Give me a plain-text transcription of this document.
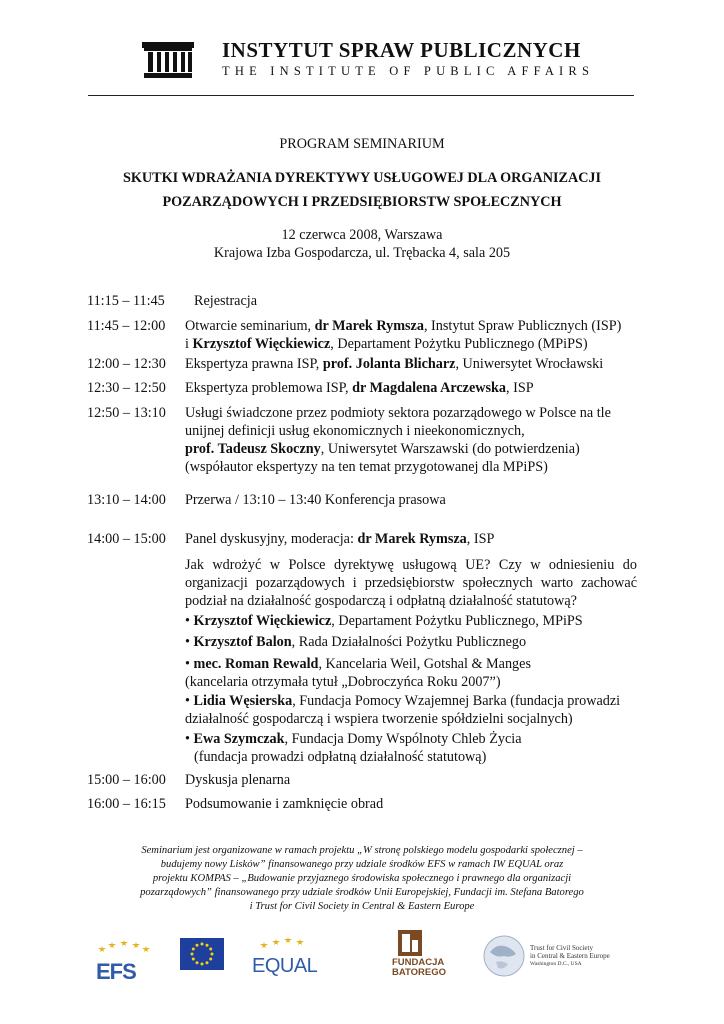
INSTYTUT SPRAW PUBLICZNYCH
THE INSTITUTE OF PUBLIC AFFAIRS
PROGRAM SEMINARIUM
SKUTKI WDRAŻANIA DYREKTYWY USŁUGOWEJ DLA ORGANIZACJI
POZARZĄDOWYCH I PRZEDSIĘBIORSTW SPOŁECZNYCH
12 czerwca 2008, Warszawa
Krajowa Izba Gospodarcza, ul. Trębacka 4, sala 205
11:15 – 11:45 Rejestracja
11:45 – 12:00 Otwarcie seminarium, dr Marek Rymsza, Instytut Spraw Publicznych (ISP)
i Krzysztof Więckiewicz, Departament Pożytku Publicznego (MPiPS)
12:00 – 12:30 Ekspertyza prawna ISP, prof. Jolanta Blicharz, Uniwersytet Wrocławski
12:30 – 12:50 Ekspertyza problemowa ISP, dr Magdalena Arczewska, ISP
12:50 – 13:10 Usługi świadczone przez podmioty sektora pozarządowego w Polsce na tle
unijnej definicji usług ekonomicznych i nieekonomicznych,
prof. Tadeusz Skoczny, Uniwersytet Warszawski (do potwierdzenia)
(współautor ekspertyzy na ten temat przygotowanej dla MPiPS)
13:10 – 14:00 Przerwa / 13:10 – 13:40 Konferencja prasowa
14:00 – 15:00 Panel dyskusyjny, moderacja: dr Marek Rymsza, ISP
Jak wdrożyć w Polsce dyrektywę usługową UE? Czy w odniesieniu do
organizacji pozarządowych i przedsiębiorstw społecznych warto zachować
podział na działalność gospodarczą i odpłatną działalność statutową?
• Krzysztof Więckiewicz, Departament Pożytku Publicznego, MPiPS
• Krzysztof Balon, Rada Działalności Pożytku Publicznego
• mec. Roman Rewald, Kancelaria Weil, Gotshal & Manges
(kancelaria otrzymała tytuł „Dobroczyńca Roku 2007”)
• Lidia Węsierska, Fundacja Pomocy Wzajemnej Barka (fundacja prowadzi
działalność gospodarczą i wspiera tworzenie spółdzielni socjalnych)
• Ewa Szymczak, Fundacja Domy Wspólnoty Chleb Życia
(fundacja prowadzi odpłatną działalność statutową)
15:00 – 16:00 Dyskusja plenarna
16:00 – 16:15 Podsumowanie i zamknięcie obrad
Seminarium jest organizowane w ramach projektu „W stronę polskiego modelu gospodarki społecznej –
budujemy nowy Lisków” finansowanego przy udziale środków EFS w ramach IW EQUAL oraz
projektu KOMPAS – „Budowanie przyjaznego środowiska społecznego i prawnego dla organizacji
pozarządowych” finansowanego przy udziale środków Unii Europejskiej, Fundacji im. Stefana Batorego
i Trust for Civil Society in Central & Eastern Europe
EFS	EQUAL	FUNDACJA
BATOREGO
Trust for Civil Society
in Central & Eastern Europe
Washington D.C., USA
